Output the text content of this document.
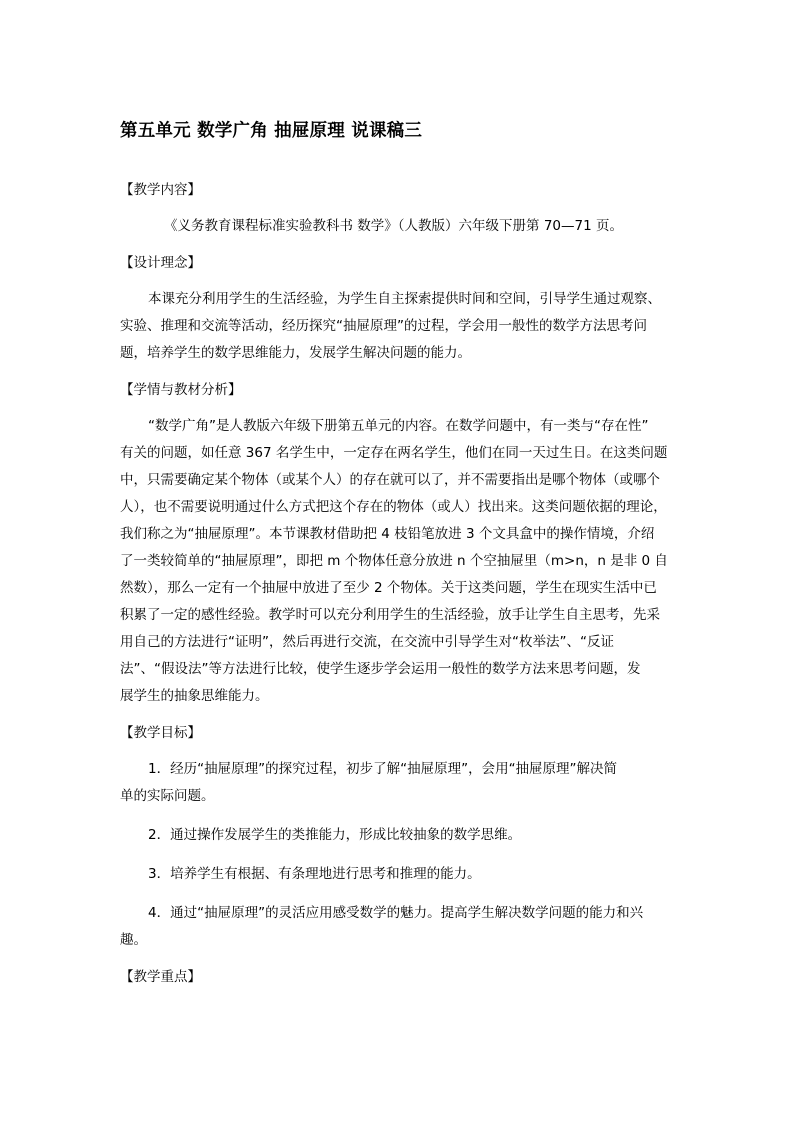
第五单元 数学广角 抽屉原理 说课稿三
【教学内容】
《义务教育课程标准实验教科书 数学》（人教版）六年级下册第 70—71 页。
【设计理念】
本课充分利用学生的生活经验，为学生自主探索提供时间和空间，引导学生通过观察、
实验、推理和交流等活动，经历探究“抽屉原理”的过程，学会用一般性的数学方法思考问
题，培养学生的数学思维能力，发展学生解决问题的能力。
【学情与教材分析】
“数学广角”是人教版六年级下册第五单元的内容。在数学问题中，有一类与“存在性”
有关的问题，如任意 367 名学生中，一定存在两名学生，他们在同一天过生日。在这类问题
中，只需要确定某个物体（或某个人）的存在就可以了，并不需要指出是哪个物体（或哪个
人），也不需要说明通过什么方式把这个存在的物体（或人）找出来。这类问题依据的理论，
我们称之为“抽屉原理”。本节课教材借助把 4 枝铅笔放进 3 个文具盒中的操作情境，介绍
了一类较简单的“抽屉原理”，即把 m 个物体任意分放进 n 个空抽屉里（m>n，n 是非 0 自
然数），那么一定有一个抽屉中放进了至少 2 个物体。关于这类问题，学生在现实生活中已
积累了一定的感性经验。教学时可以充分利用学生的生活经验，放手让学生自主思考，先采
用自己的方法进行“证明”，然后再进行交流，在交流中引导学生对“枚举法”、“反证
法”、“假设法”等方法进行比较，使学生逐步学会运用一般性的数学方法来思考问题，发
展学生的抽象思维能力。
【教学目标】
1．经历“抽屉原理”的探究过程，初步了解“抽屉原理”，会用“抽屉原理”解决简
单的实际问题。
2．通过操作发展学生的类推能力，形成比较抽象的数学思维。
3．培养学生有根据、有条理地进行思考和推理的能力。
4．通过“抽屉原理”的灵活应用感受数学的魅力。提高学生解决数学问题的能力和兴
趣。
【教学重点】
